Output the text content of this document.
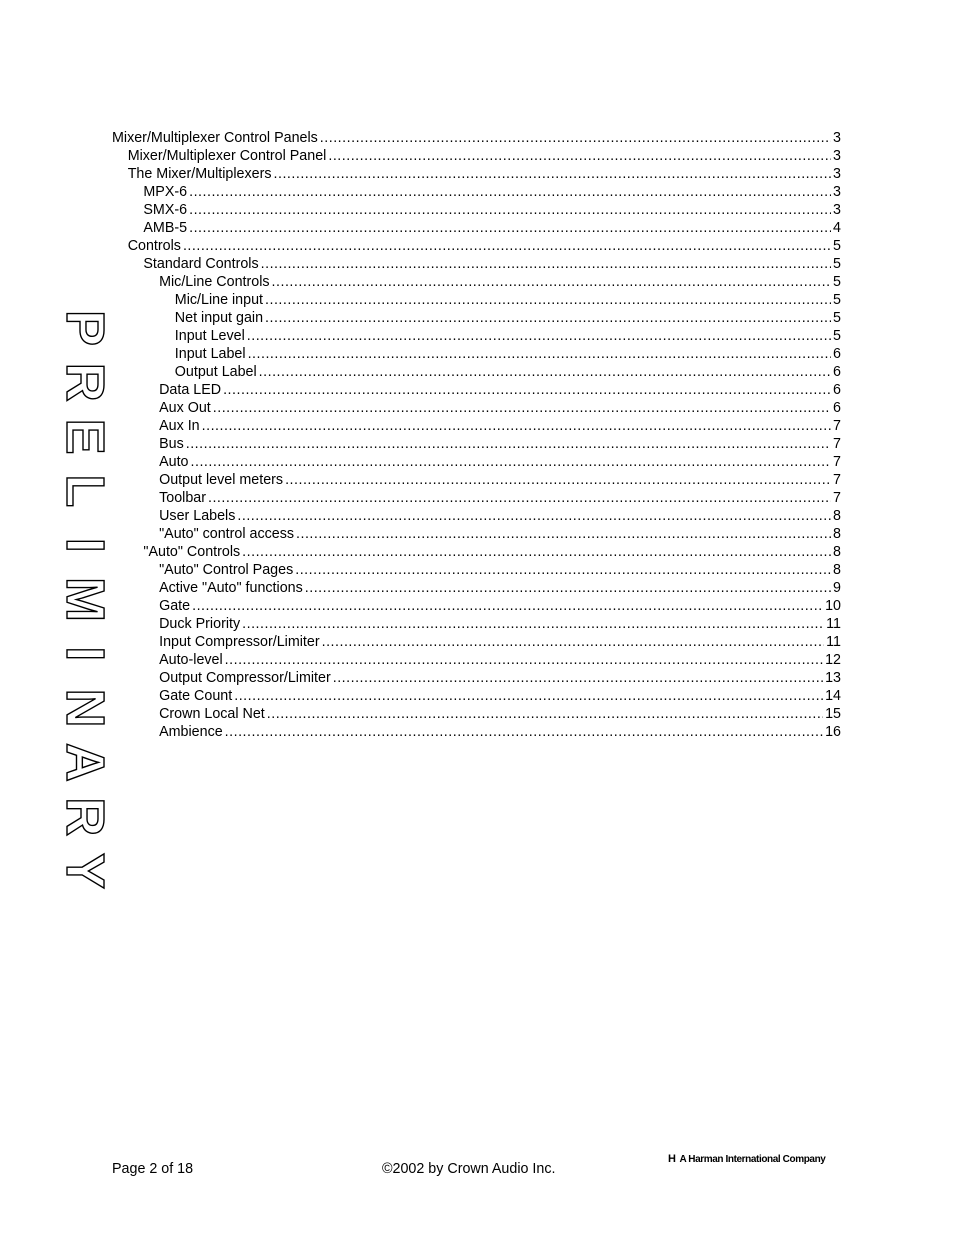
Mixer/Multiplexer Control Panels .....	3
Mixer/Multiplexer Control Panel .....	3
The Mixer/Multiplexers .....	3
MPX-6 .....	3
SMX-6 .....	3
AMB-5 .....	4
Controls .....	5
Standard Controls .....	5
Mic/Line Controls .....	5
Mic/Line input .....	5
Net input gain .....	5
Input Level .....	5
Input Label .....	6
Output Label .....	6
Data LED .....	6
Aux Out .....	6
Aux In .....	7
Bus .....	7
Auto .....	7
Output level meters .....	7
Toolbar .....	7
User Labels .....	8
"Auto" control access .....	8
"Auto" Controls .....	8
"Auto" Control Pages .....	8
Active "Auto" functions .....	9
Gate .....	10
Duck Priority .....	11
Input Compressor/Limiter .....	11
Auto-level .....	12
Output Compressor/Limiter .....	13
Gate Count .....	14
Crown Local Net .....	15
Ambience .....	16
P
R
E
L
I
M
I
N
A
R
Y
Page 2 of 18	©2002 by Crown Audio Inc.
H A Harman International Company
